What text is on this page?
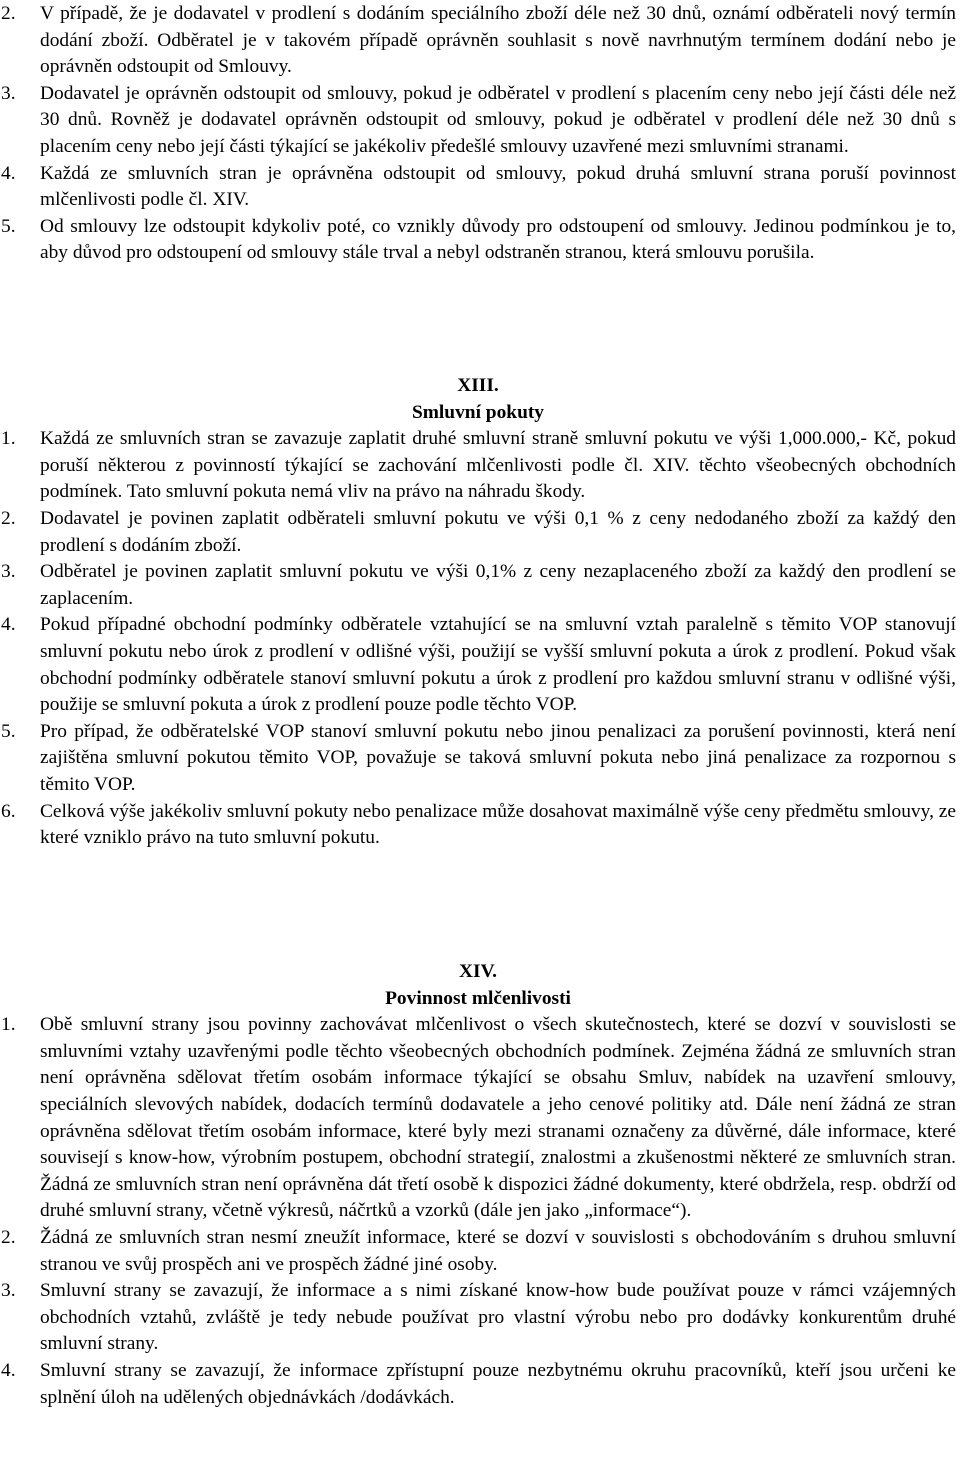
2.	V případě, že je dodavatel v prodlení s dodáním speciálního zboží déle než 30 dnů, oznámí odběrateli nový termín dodání zboží. Odběratel je v takovém případě oprávněn souhlasit s nově navrhnutým termínem dodání nebo je oprávněn odstoupit od Smlouvy.
3.	Dodavatel je oprávněn odstoupit od smlouvy, pokud je odběratel v prodlení s placením ceny nebo její části déle než 30 dnů. Rovněž je dodavatel oprávněn odstoupit od smlouvy, pokud je odběratel v prodlení déle než 30 dnů s placením ceny nebo její části týkající se jakékoliv předešlé smlouvy uzavřené mezi smluvními stranami.
4.	Každá ze smluvních stran je oprávněna odstoupit od smlouvy, pokud druhá smluvní strana poruší povinnost mlčenlivosti podle čl. XIV.
5.	Od smlouvy lze odstoupit kdykoliv poté, co vznikly důvody pro odstoupení od smlouvy. Jedinou podmínkou je to, aby důvod pro odstoupení od smlouvy stále trval a nebyl odstraněn stranou, která smlouvu porušila.

XIII.

Smluvní pokuty

1.	Každá ze smluvních stran se zavazuje zaplatit druhé smluvní straně smluvní pokutu ve výši 1,000.000,- Kč, pokud poruší některou z povinností týkající se zachování mlčenlivosti podle čl. XIV. těchto všeobecných obchodních podmínek. Tato smluvní pokuta nemá vliv na právo na náhradu škody.
2.	Dodavatel je povinen zaplatit odběrateli smluvní pokutu ve výši 0,1 % z ceny nedodaného zboží za každý den prodlení s dodáním zboží.
3.	Odběratel je povinen zaplatit smluvní pokutu ve výši 0,1% z ceny nezaplaceného zboží za každý den prodlení se zaplacením.
4.	Pokud případné obchodní podmínky odběratele vztahující se na smluvní vztah paralelně s těmito VOP stanovují smluvní pokutu nebo úrok z prodlení v odlišné výši, použijí se vyšší smluvní pokuta a úrok z prodlení. Pokud však obchodní podmínky odběratele stanoví smluvní pokutu a úrok z prodlení pro každou smluvní stranu v odlišné výši, použije se smluvní pokuta a úrok z prodlení pouze podle těchto VOP.
5.	Pro případ, že odběratelské VOP stanoví smluvní pokutu nebo jinou penalizaci za porušení povinnosti, která není zajištěna smluvní pokutou těmito VOP, považuje se taková smluvní pokuta nebo jiná penalizace za rozpornou s těmito VOP.
6.	Celková výše jakékoliv smluvní pokuty nebo penalizace může dosahovat maximálně výše ceny předmětu smlouvy, ze které vzniklo právo na tuto smluvní pokutu.

XIV.

Povinnost mlčenlivosti

1.	Obě smluvní strany jsou povinny zachovávat mlčenlivost o všech skutečnostech, které se dozví v souvislosti se smluvními vztahy uzavřenými podle těchto všeobecných obchodních podmínek. Zejména žádná ze smluvních stran není oprávněna sdělovat třetím osobám informace týkající se obsahu Smluv, nabídek na uzavření smlouvy, speciálních slevových nabídek, dodacích termínů dodavatele a jeho cenové politiky atd. Dále není žádná ze stran oprávněna sdělovat třetím osobám informace, které byly mezi stranami označeny za důvěrné, dále informace, které souvisejí s know-how, výrobním postupem, obchodní strategií, znalostmi a zkušenostmi některé ze smluvních stran. Žádná ze smluvních stran není oprávněna dát třetí osobě k dispozici žádné dokumenty, které obdržela, resp. obdrží od druhé smluvní strany, včetně výkresů, náčrtků a vzorků (dále jen jako „informace“).
2.	Žádná ze smluvních stran nesmí zneužít informace, které se dozví v souvislosti s obchodováním s druhou smluvní stranou ve svůj prospěch ani ve prospěch žádné jiné osoby.
3.	Smluvní strany se zavazují, že informace a s nimi získané know-how bude používat pouze v rámci vzájemných obchodních vztahů, zvláště je tedy nebude používat pro vlastní výrobu nebo pro dodávky konkurentům druhé smluvní strany.
4.	Smluvní strany se zavazují, že informace zpřístupní pouze nezbytnému okruhu pracovníků, kteří jsou určeni ke splnění úloh na udělených objednávkách /dodávkách.
